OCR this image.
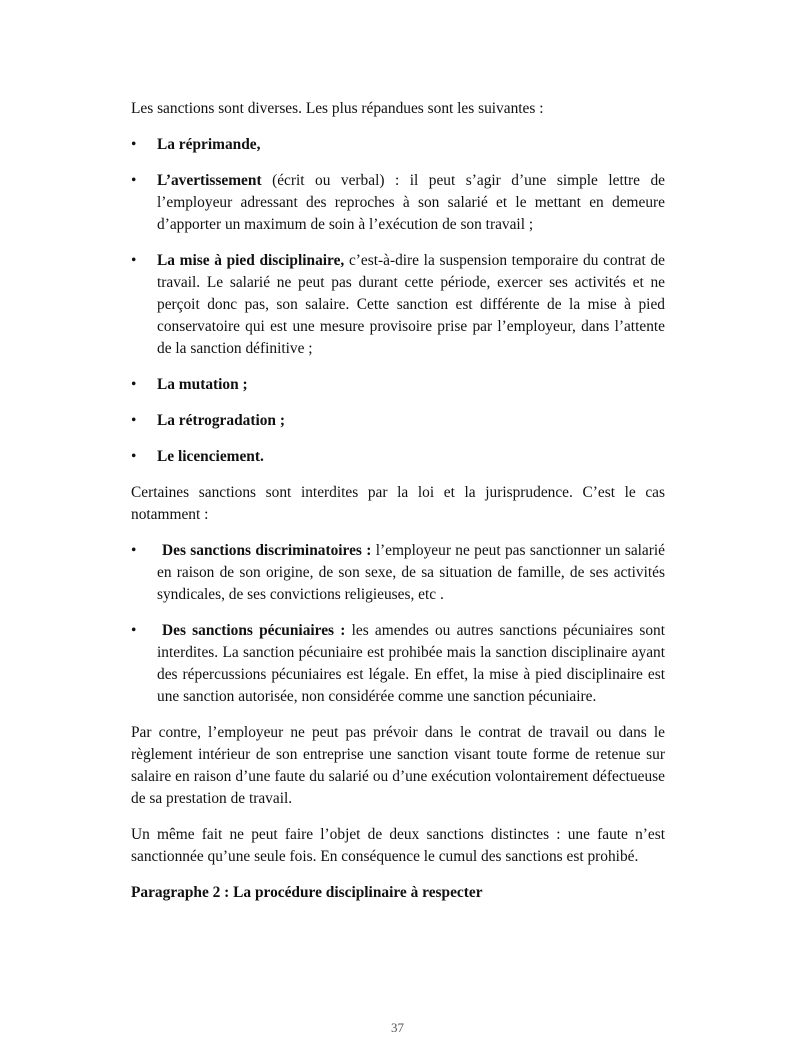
Les sanctions sont diverses. Les plus répandues sont les suivantes :

•	La réprimande,
•	L’avertissement (écrit ou verbal) : il peut s’agir d’une simple lettre de l’employeur adressant des reproches à son salarié et le mettant en demeure d’apporter un maximum de soin à l’exécution de son travail ;
•	La mise à pied disciplinaire, c’est-à-dire la suspension temporaire du contrat de travail. Le salarié ne peut pas durant cette période, exercer ses activités et ne perçoit donc pas, son salaire. Cette sanction est différente de la mise à pied conservatoire qui est une mesure provisoire prise par l’employeur, dans l’attente de la sanction définitive ;
•	La mutation ;
•	La rétrogradation ;
•	Le licenciement.

Certaines sanctions sont interdites par la loi et la jurisprudence. C’est le cas notamment :

•	Des sanctions discriminatoires : l’employeur ne peut pas sanctionner un salarié en raison de son origine, de son sexe, de sa situation de famille, de ses activités syndicales, de ses convictions religieuses, etc .
•	Des sanctions pécuniaires : les amendes ou autres sanctions pécuniaires sont interdites. La sanction pécuniaire est prohibée mais la sanction disciplinaire ayant des répercussions pécuniaires est légale. En effet, la mise à pied disciplinaire est une sanction autorisée, non considérée comme une sanction pécuniaire.

Par contre, l’employeur ne peut pas prévoir dans le contrat de travail ou dans le règlement intérieur de son entreprise une sanction visant toute forme de retenue sur salaire en raison d’une faute du salarié ou d’une exécution volontairement défectueuse de sa prestation de travail.

Un même fait ne peut faire l’objet de deux sanctions distinctes : une faute n’est sanctionnée qu’une seule fois. En conséquence le cumul des sanctions est prohibé.

Paragraphe 2 : La procédure disciplinaire à respecter

37
